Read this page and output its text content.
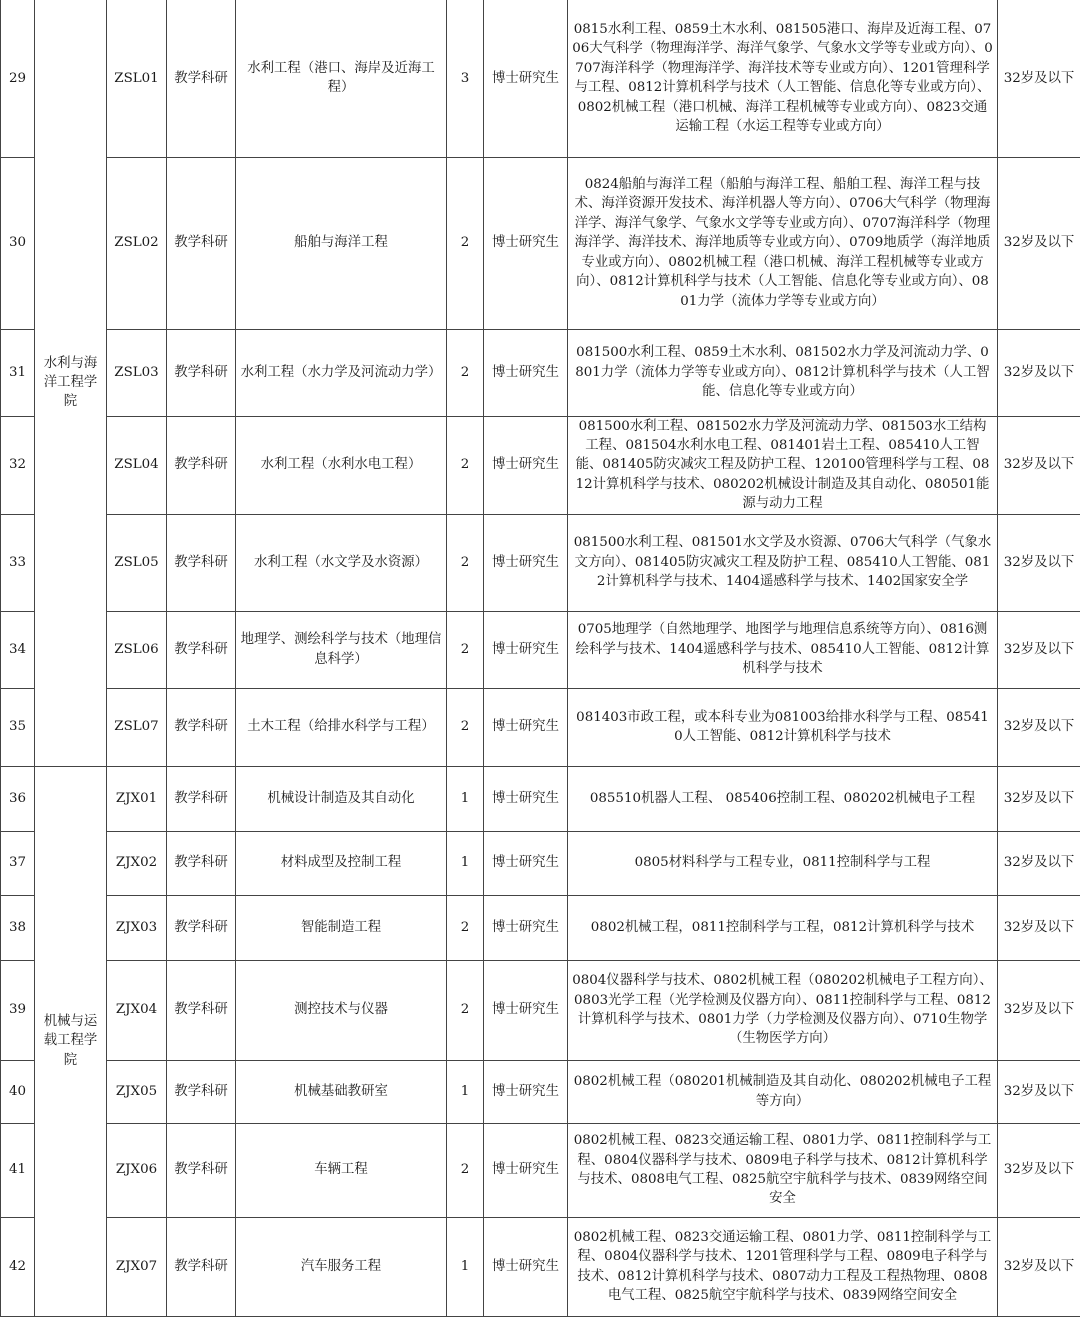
29	水利与海洋工程学院	ZSL01	教学科研	水利工程（港口、海岸及近海工程）	3	博士研究生	0815水利工程、0859土木水利、081505港口、海岸及近海工程、0706大气科学（物理海洋学、海洋气象学、气象水文学等专业或方向）、0707海洋科学（物理海洋学、海洋技术等专业或方向）、1201管理科学与工程、0812计算机科学与技术（人工智能、信息化等专业或方向）、0802机械工程（港口机械、海洋工程机械等专业或方向）、0823交通运输工程（水运工程等专业或方向）	32岁及以下
30		ZSL02	教学科研	船舶与海洋工程	2	博士研究生	0824船舶与海洋工程（船舶与海洋工程、船舶工程、海洋工程与技术、海洋资源开发技术、海洋机器人等方向）、0706大气科学（物理海洋学、海洋气象学、气象水文学等专业或方向）、0707海洋科学（物理海洋学、海洋技术、海洋地质等专业或方向）、0709地质学（海洋地质专业或方向）、0802机械工程（港口机械、海洋工程机械等专业或方向）、0812计算机科学与技术（人工智能、信息化等专业或方向）、0801力学（流体力学等专业或方向）	32岁及以下
31		ZSL03	教学科研	水利工程（水力学及河流动力学）	2	博士研究生	081500水利工程、0859土木水利、081502水力学及河流动力学、0801力学（流体力学等专业或方向）、0812计算机科学与技术（人工智能、信息化等专业或方向）	32岁及以下
32		ZSL04	教学科研	水利工程（水利水电工程）	2	博士研究生	081500水利工程、081502水力学及河流动力学、081503水工结构工程、081504水利水电工程、081401岩土工程、085410人工智能、081405防灾减灾工程及防护工程、120100管理科学与工程、0812计算机科学与技术、080202机械设计制造及其自动化、080501能源与动力工程	32岁及以下
33		ZSL05	教学科研	水利工程（水文学及水资源）	2	博士研究生	081500水利工程、081501水文学及水资源、0706大气科学（气象水文方向）、081405防灾减灾工程及防护工程、085410人工智能、0812计算机科学与技术、1404遥感科学与技术、1402国家安全学	32岁及以下
34		ZSL06	教学科研	地理学、测绘科学与技术（地理信息科学）	2	博士研究生	0705地理学（自然地理学、地图学与地理信息系统等方向）、0816测绘科学与技术、1404遥感科学与技术、085410人工智能、0812计算机科学与技术	32岁及以下
35		ZSL07	教学科研	土木工程（给排水科学与工程）	2	博士研究生	081403市政工程，或本科专业为081003给排水科学与工程、085410人工智能、0812计算机科学与技术	32岁及以下
36	机械与运载工程学院	ZJX01	教学科研	机械设计制造及其自动化	1	博士研究生	085510机器人工程、 085406控制工程、080202机械电子工程	32岁及以下
37		ZJX02	教学科研	材料成型及控制工程	1	博士研究生	0805材料科学与工程专业，0811控制科学与工程	32岁及以下
38		ZJX03	教学科研	智能制造工程	2	博士研究生	0802机械工程，0811控制科学与工程，0812计算机科学与技术	32岁及以下
39		ZJX04	教学科研	测控技术与仪器	2	博士研究生	0804仪器科学与技术、0802机械工程（080202机械电子工程方向）、0803光学工程（光学检测及仪器方向）、0811控制科学与工程、0812计算机科学与技术、0801力学（力学检测及仪器方向）、0710生物学（生物医学方向）	32岁及以下
40		ZJX05	教学科研	机械基础教研室	1	博士研究生	0802机械工程（080201机械制造及其自动化、080202机械电子工程等方向）	32岁及以下
41		ZJX06	教学科研	车辆工程	2	博士研究生	0802机械工程、0823交通运输工程、0801力学、0811控制科学与工程、0804仪器科学与技术、0809电子科学与技术、0812计算机科学与技术、0808电气工程、0825航空宇航科学与技术、0839网络空间安全	32岁及以下
42		ZJX07	教学科研	汽车服务工程	1	博士研究生	0802机械工程、0823交通运输工程、0801力学、0811控制科学与工程、0804仪器科学与技术、1201管理科学与工程、0809电子科学与技术、0812计算机科学与技术、0807动力工程及工程热物理、0808电气工程、0825航空宇航科学与技术、0839网络空间安全	32岁及以下
